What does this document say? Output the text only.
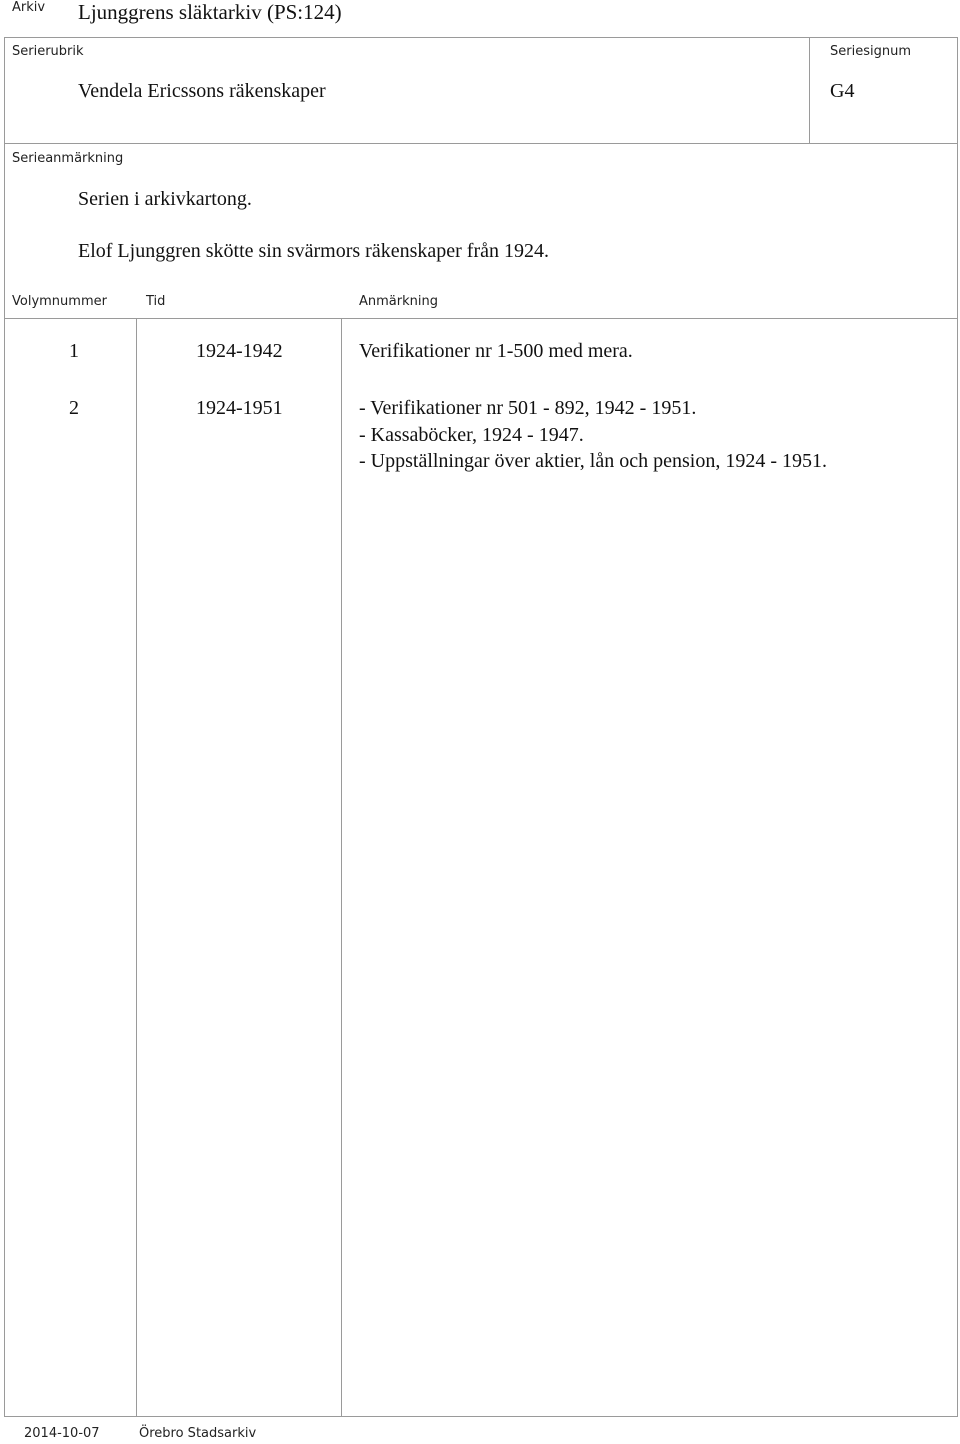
Arkiv Ljunggrens släktarkiv (PS:124)
Serierubrik
Vendela Ericssons räkenskaper
Seriesignum
G4
Serieanmärkning
Serien i arkivkartong.
Elof Ljunggren skötte sin svärmors räkenskaper från 1924.
Volymnummer	Tid	Anmärkning
1	1924-1942	Verifikationer nr 1-500 med mera.
2	1924-1951	- Verifikationer nr 501 - 892, 1942 - 1951.
- Kassaböcker, 1924 - 1947.
- Uppställningar över aktier, lån och pension, 1924 - 1951.
2014-10-07	Örebro Stadsarkiv
